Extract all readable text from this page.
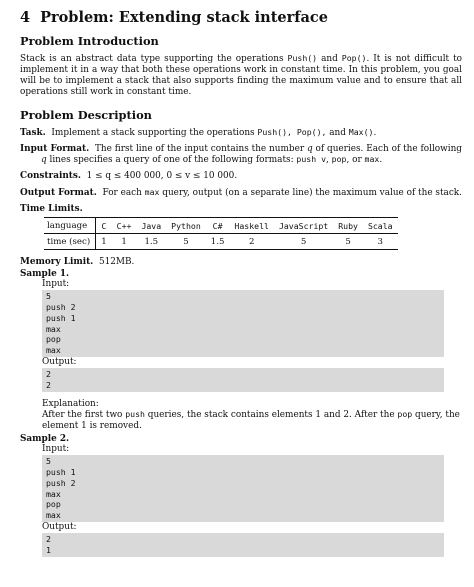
4 Problem: Extending stack interface
Problem Introduction

Stack is an abstract data type supporting the operations Push() and Pop(). It is not difficult to implement it in a way that both these operations work in constant time. In this problem, you goal will be to implement a stack that also supports finding the maximum value and to ensure that all operations still work in constant time.

Problem Description

Task. Implement a stack supporting the operations Push(), Pop(), and Max().

Input Format. The first line of the input contains the number q of queries. Each of the following q lines specifies a query of one of the following formats: push v, pop, or max.

Constraints. 1 ≤ q ≤ 400 000, 0 ≤ v ≤ 10 000.

Output Format. For each max query, output (on a separate line) the maximum value of the stack.

Time Limits.
language	C	C++	Java	Python	C#	Haskell	JavaScript	Ruby	Scala
time (sec)	1	1	1.5	5	1.5	2	5	5	3
Memory Limit. 512MB.
Sample 1.
Input:
5
push 2
push 1
max
pop
max
Output:
2
2
Explanation:
After the first two push queries, the stack contains elements 1 and 2. After the pop query, the element 1 is removed.
Sample 2.
Input:
5
push 1
push 2
max
pop
max
Output:
2
1
